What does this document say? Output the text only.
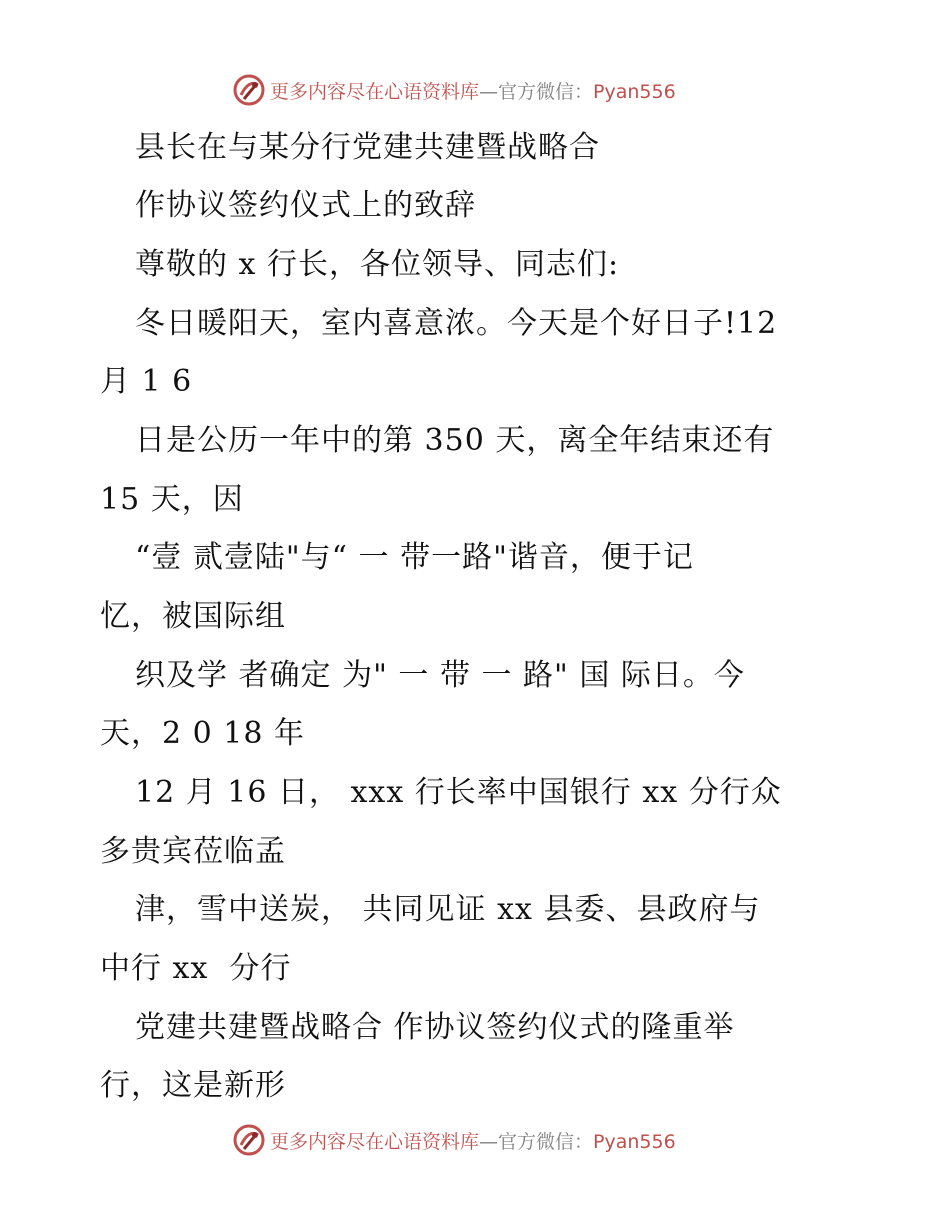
更多内容尽在心语资料库—官方微信：Pyan556
县长在与某分行党建共建暨战略合
作协议签约仪式上的致辞
尊敬的 x 行长，各位领导、同志们:
冬日暖阳天，室内喜意浓。今天是个好日子!12
月 1 6
日是公历一年中的第 350 天，离全年结束还有
15 天，因
“壹 贰壹陆"与“ 一 带一路"谐音，便于记
忆，被国际组
织及学 者确定 为" 一 带 一 路" 国 际日。今
天，2 0 18 年
12 月 16 日， xxx 行长率中国银行 xx 分行众
多贵宾莅临孟
津，雪中送炭， 共同见证 xx 县委、县政府与
中行 xx  分行
党建共建暨战略合 作协议签约仪式的隆重举
行，这是新形
更多内容尽在心语资料库—官方微信：Pyan556
